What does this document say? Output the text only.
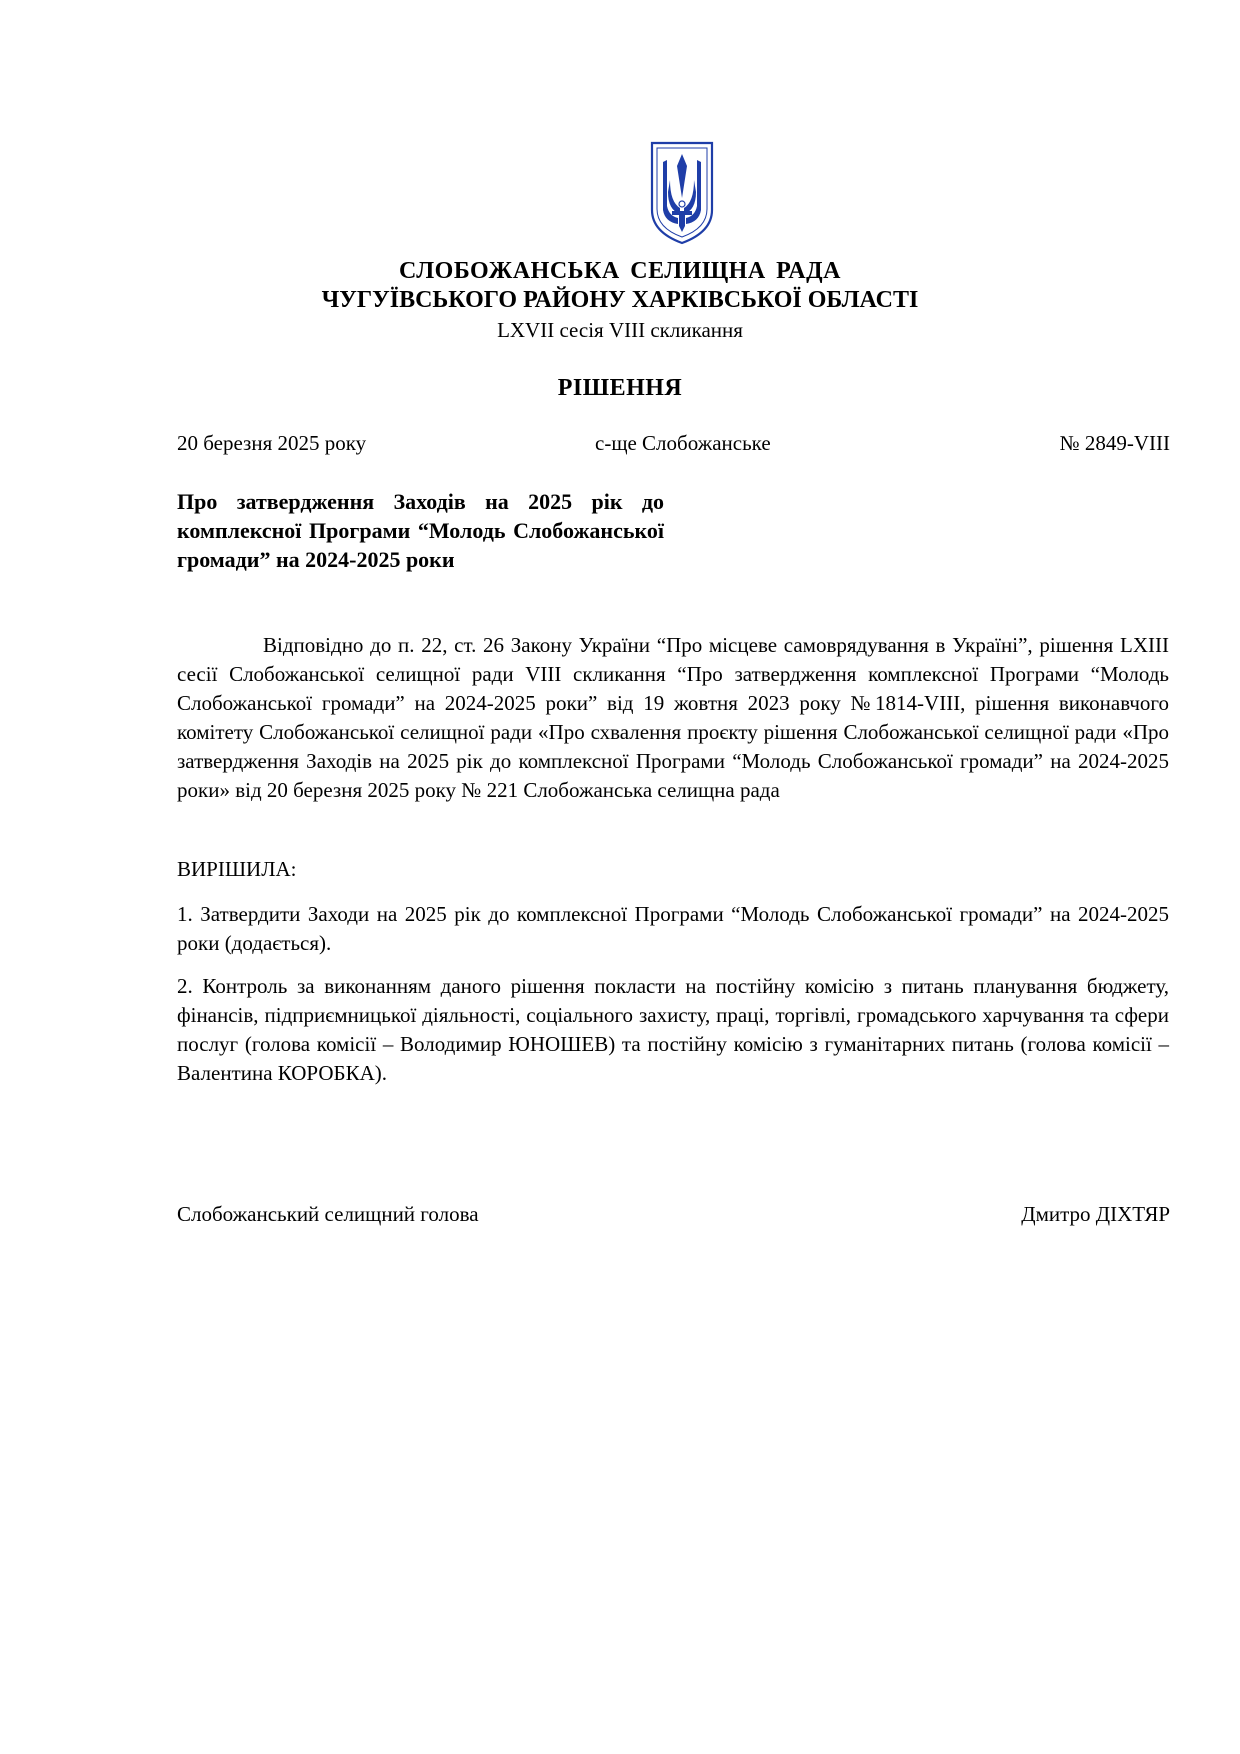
СЛОБОЖАНСЬКА СЕЛИЩНА РАДА
ЧУГУЇВСЬКОГО РАЙОНУ ХАРКІВСЬКОЇ ОБЛАСТІ
LXVII сесія VIII скликання
РІШЕННЯ
20 березня 2025 року	с-ще Слобожанське	№ 2849-VIII
Про затвердження Заходів на 2025 рік до комплексної Програми “Молодь Слобожанської громади” на 2024-2025 роки

Відповідно до п. 22, ст. 26 Закону України “Про місцеве самоврядування в Україні”, рішення LXIII сесії Слобожанської селищної ради VIII скликання “Про затвердження комплексної Програми “Молодь Слобожанської громади” на 2024-2025 роки” від 19 жовтня 2023 року №1814-VIII, рішення виконавчого комітету Слобожанської селищної ради «Про схвалення проєкту рішення Слобожанської селищної ради «Про затвердження Заходів на 2025 рік до комплексної Програми “Молодь Слобожанської громади” на 2024-2025 роки» від 20 березня 2025 року № 221 Слобожанська селищна рада

ВИРІШИЛА:

1. Затвердити Заходи на 2025 рік до комплексної Програми “Молодь Слобожанської громади” на 2024-2025 роки (додається).

2. Контроль за виконанням даного рішення покласти на постійну комісію з питань планування бюджету, фінансів, підприємницької діяльності, соціального захисту, праці, торгівлі, громадського харчування та сфери послуг (голова комісії – Володимир ЮНОШЕВ) та постійну комісію з гуманітарних питань (голова комісії – Валентина КОРОБКА).

Слобожанський селищний голова	Дмитро ДІХТЯР
